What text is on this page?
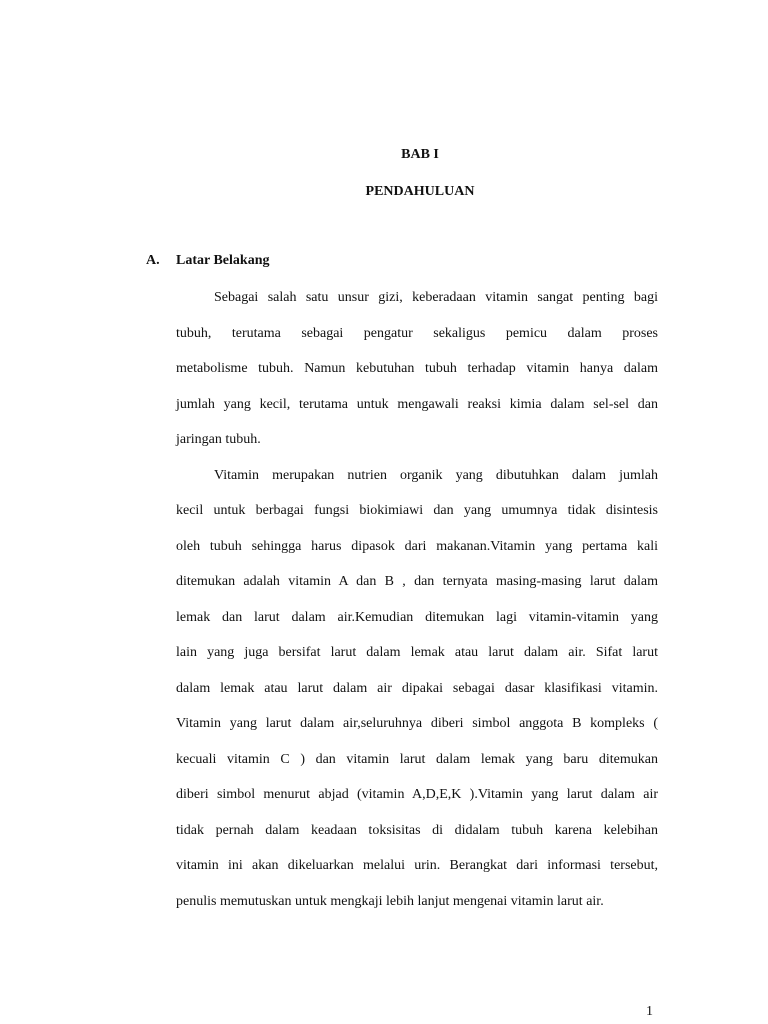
BAB I
PENDAHULUAN
A. Latar Belakang
Sebagai salah satu unsur gizi, keberadaan vitamin sangat penting bagi
tubuh, terutama sebagai pengatur sekaligus pemicu dalam proses
metabolisme tubuh. Namun kebutuhan tubuh terhadap vitamin hanya dalam
jumlah yang kecil, terutama untuk mengawali reaksi kimia dalam sel-sel dan
jaringan tubuh.
Vitamin merupakan nutrien organik yang dibutuhkan dalam jumlah
kecil untuk berbagai fungsi biokimiawi dan yang umumnya tidak disintesis
oleh tubuh sehingga harus dipasok dari makanan.Vitamin yang pertama kali
ditemukan adalah vitamin A dan B , dan ternyata masing-masing larut dalam
lemak dan larut dalam air.Kemudian ditemukan lagi vitamin-vitamin yang
lain yang juga bersifat larut dalam lemak atau larut dalam air. Sifat larut
dalam lemak atau larut dalam air dipakai sebagai dasar klasifikasi vitamin.
Vitamin yang larut dalam air,seluruhnya diberi simbol anggota B kompleks (
kecuali vitamin C ) dan vitamin larut dalam lemak yang baru ditemukan
diberi simbol menurut abjad (vitamin A,D,E,K ).Vitamin yang larut dalam air
tidak pernah dalam keadaan toksisitas di didalam tubuh karena kelebihan
vitamin ini akan dikeluarkan melalui urin. Berangkat dari informasi tersebut,
penulis memutuskan untuk mengkaji lebih lanjut mengenai vitamin larut air.
1
